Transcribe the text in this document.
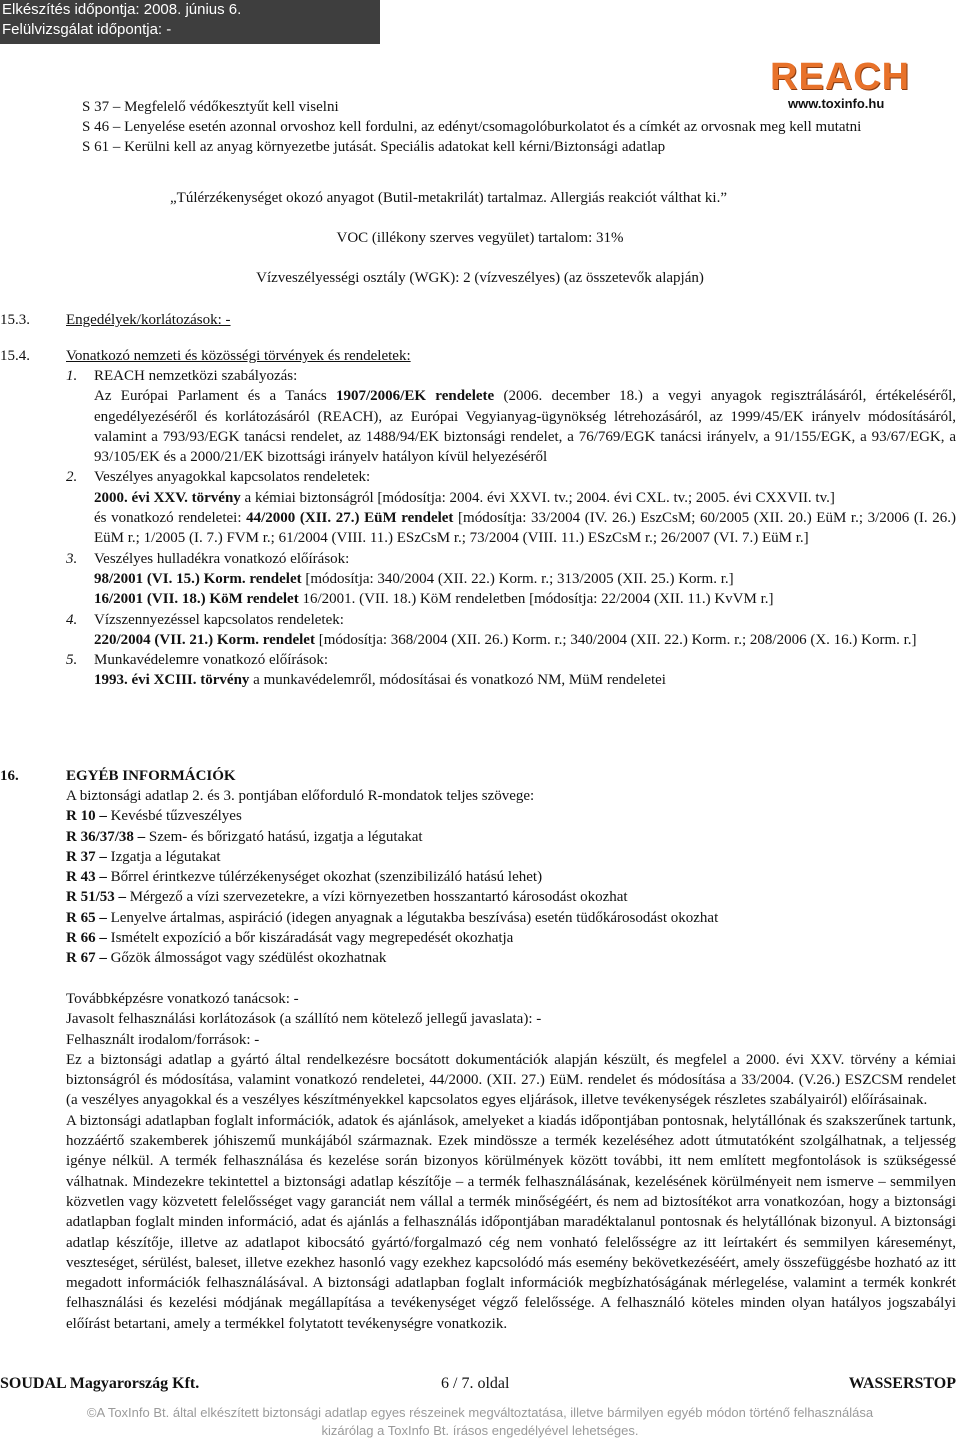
Elkészítés időpontja: 2008. június 6.
Felülvizsgálat időpontja: -
REACH
www.toxinfo.hu
S 37 – Megfelelő védőkesztyűt kell viselni
S 46 – Lenyelése esetén azonnal orvoshoz kell fordulni, az edényt/csomagolóburkolatot és a címkét az orvosnak meg kell mutatni
S 61 – Kerülni kell az anyag környezetbe jutását. Speciális adatokat kell kérni/Biztonsági adatlap
„Túlérzékenységet okozó anyagot (Butil-metakrilát) tartalmaz. Allergiás reakciót válthat ki.”
VOC (illékony szerves vegyület) tartalom: 31%
Vízveszélyességi osztály (WGK): 2 (vízveszélyes) (az összetevők alapján)
15.3. Engedélyek/korlátozások: -
15.4. Vonatkozó nemzeti és közösségi törvények és rendeletek:

1. REACH nemzetközi szabályozás:

Az Európai Parlament és a Tanács 1907/2006/EK rendelete (2006. december 18.) a vegyi anyagok regisztrálásáról, értékeléséről, engedélyezéséről és korlátozásáról (REACH), az Európai Vegyianyag-ügynökség létrehozásáról, az 1999/45/EK irányelv módosításáról, valamint a 793/93/EGK tanácsi rendelet, az 1488/94/EK biztonsági rendelet, a 76/769/EGK tanácsi irányelv, a 91/155/EGK, a 93/67/EGK, a 93/105/EK és a 2000/21/EK bizottsági irányelv hatályon kívül helyezéséről

2. Veszélyes anyagokkal kapcsolatos rendeletek:

2000. évi XXV. törvény a kémiai biztonságról [módosítja: 2004. évi XXVI. tv.; 2004. évi CXL. tv.; 2005. évi CXXVII. tv.]

és vonatkozó rendeletei: 44/2000 (XII. 27.) EüM rendelet [módosítja: 33/2004 (IV. 26.) EszCsM; 60/2005 (XII. 20.) EüM r.; 3/2006 (I. 26.) EüM r.; 1/2005 (I. 7.) FVM r.; 61/2004 (VIII. 11.) ESzCsM r.; 73/2004 (VIII. 11.) ESzCsM r.; 26/2007 (VI. 7.) EüM r.]

3. Veszélyes hulladékra vonatkozó előírások:

98/2001 (VI. 15.) Korm. rendelet [módosítja: 340/2004 (XII. 22.) Korm. r.; 313/2005 (XII. 25.) Korm. r.]

16/2001 (VII. 18.) KöM rendelet 16/2001. (VII. 18.) KöM rendeletben [módosítja: 22/2004 (XII. 11.) KvVM r.]

4. Vízszennyezéssel kapcsolatos rendeletek:

220/2004 (VII. 21.) Korm. rendelet [módosítja: 368/2004 (XII. 26.) Korm. r.; 340/2004 (XII. 22.) Korm. r.; 208/2006 (X. 16.) Korm. r.]

5. Munkavédelemre vonatkozó előírások:

1993. évi XCIII. törvény a munkavédelemről, módosításai és vonatkozó NM, MüM rendeletei

16.	EGYÉB INFORMÁCIÓK

A biztonsági adatlap 2. és 3. pontjában előforduló R-mondatok teljes szövege:

R 10 – Kevésbé tűzveszélyes

R 36/37/38 – Szem- és bőrizgató hatású, izgatja a légutakat

R 37 – Izgatja a légutakat

R 43 – Bőrrel érintkezve túlérzékenységet okozhat (szenzibilizáló hatású lehet)

R 51/53 – Mérgező a vízi szervezetekre, a vízi környezetben hosszantartó károsodást okozhat

R 65 – Lenyelve ártalmas, aspiráció (idegen anyagnak a légutakba beszívása) esetén tüdőkárosodást okozhat

R 66 – Ismételt expozíció a bőr kiszáradását vagy megrepedését okozhatja

R 67 – Gőzök álmosságot vagy szédülést okozhatnak

Továbbképzésre vonatkozó tanácsok: -

Javasolt felhasználási korlátozások (a szállító nem kötelező jellegű javaslata): -

Felhasznált irodalom/források: -

Ez a biztonsági adatlap a gyártó által rendelkezésre bocsátott dokumentációk alapján készült, és megfelel a 2000. évi XXV. törvény a kémiai biztonságról és módosítása, valamint vonatkozó rendeletei, 44/2000. (XII. 27.) EüM. rendelet és módosítása a 33/2004. (V.26.) ESZCSM rendelet (a veszélyes anyagokkal és a veszélyes készítményekkel kapcsolatos egyes eljárások, illetve tevékenységek részletes szabályairól) előírásainak.

A biztonsági adatlapban foglalt információk, adatok és ajánlások, amelyeket a kiadás időpontjában pontosnak, helytállónak és szakszerűnek tartunk, hozzáértő szakemberek jóhiszemű munkájából származnak. Ezek mindössze a termék kezeléséhez adott útmutatóként szolgálhatnak, a teljesség igénye nélkül. A termék felhasználása és kezelése során bizonyos körülmények között további, itt nem említett megfontolások is szükségessé válhatnak. Mindezekre tekintettel a biztonsági adatlap készítője – a termék felhasználásának, kezelésének körülményeit nem ismerve – semmilyen közvetlen vagy közvetett felelősséget vagy garanciát nem vállal a termék minőségéért, és nem ad biztosítékot arra vonatkozóan, hogy a biztonsági adatlapban foglalt minden információ, adat és ajánlás a felhasználás időpontjában maradéktalanul pontosnak és helytállónak bizonyul. A biztonsági adatlap készítője, illetve az adatlapot kibocsátó gyártó/forgalmazó cég nem vonható felelősségre az itt leírtakért és semmilyen káreseményt, veszteséget, sérülést, baleset, illetve ezekhez hasonló vagy ezekhez kapcsolódó más esemény bekövetkezéséért, amely összefüggésbe hozható az itt megadott információk felhasználásával. A biztonsági adatlapban foglalt információk megbízhatóságának mérlegelése, valamint a termék konkrét felhasználási és kezelési módjának megállapítása a tevékenységet végző felelőssége. A felhasználó köteles minden olyan hatályos jogszabályi előírást betartani, amely a termékkel folytatott tevékenységre vonatkozik.

SOUDAL Magyarország Kft.	6 / 7. oldal	WASSERSTOP
©A ToxInfo Bt. által elkészített biztonsági adatlap egyes részeinek megváltoztatása, illetve bármilyen egyéb módon történő felhasználása
kizárólag a ToxInfo Bt. írásos engedélyével lehetséges.
